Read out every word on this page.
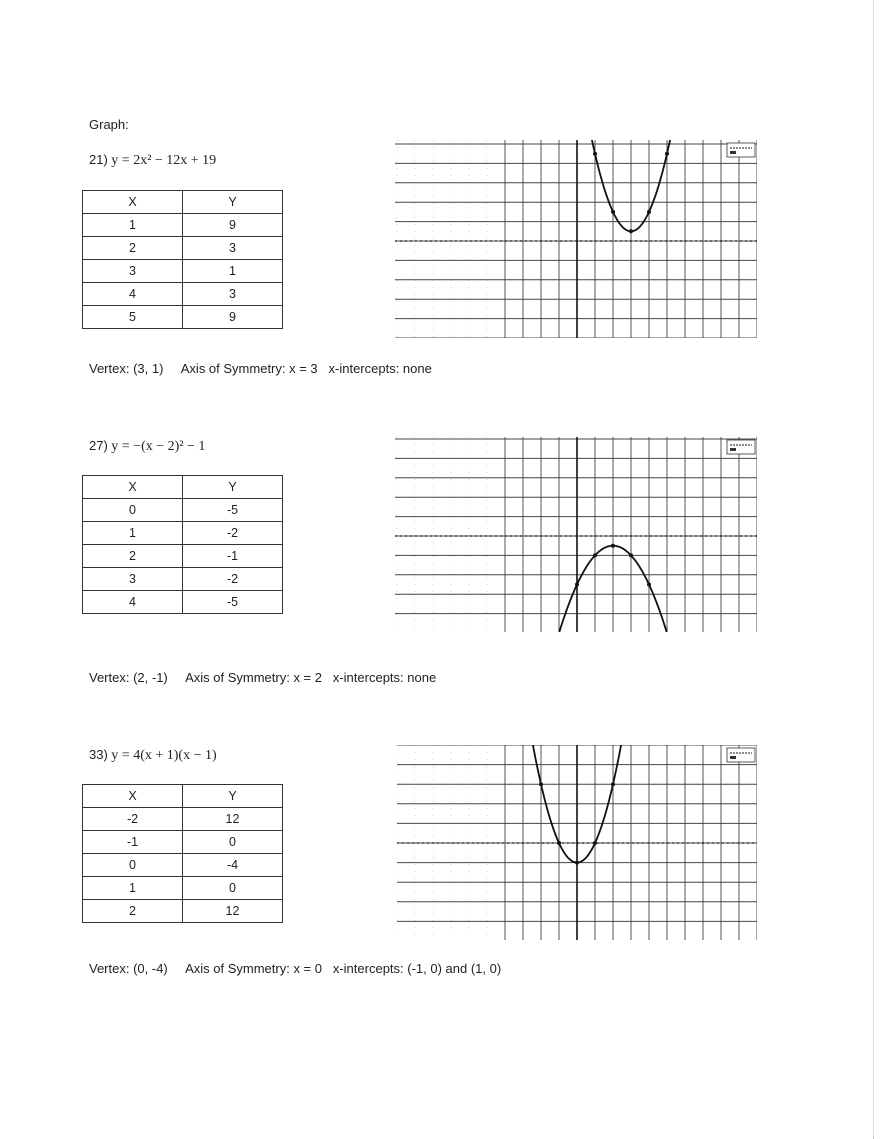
Graph:
21) y = 2x² − 12x + 19
X	Y
1	9
2	3
3	1
4	3
5	9
Vertex: (3, 1) Axis of Symmetry: x = 3 x-intercepts: none
27) y = −(x − 2)² − 1
X	Y
0	-5
1	-2
2	-1
3	-2
4	-5
Vertex: (2, -1) Axis of Symmetry: x = 2 x-intercepts: none
33) y = 4(x + 1)(x − 1)
X	Y
-2	12
-1	0
0	-4
1	0
2	12
Vertex: (0, -4) Axis of Symmetry: x = 0 x-intercepts: (-1, 0) and (1, 0)
